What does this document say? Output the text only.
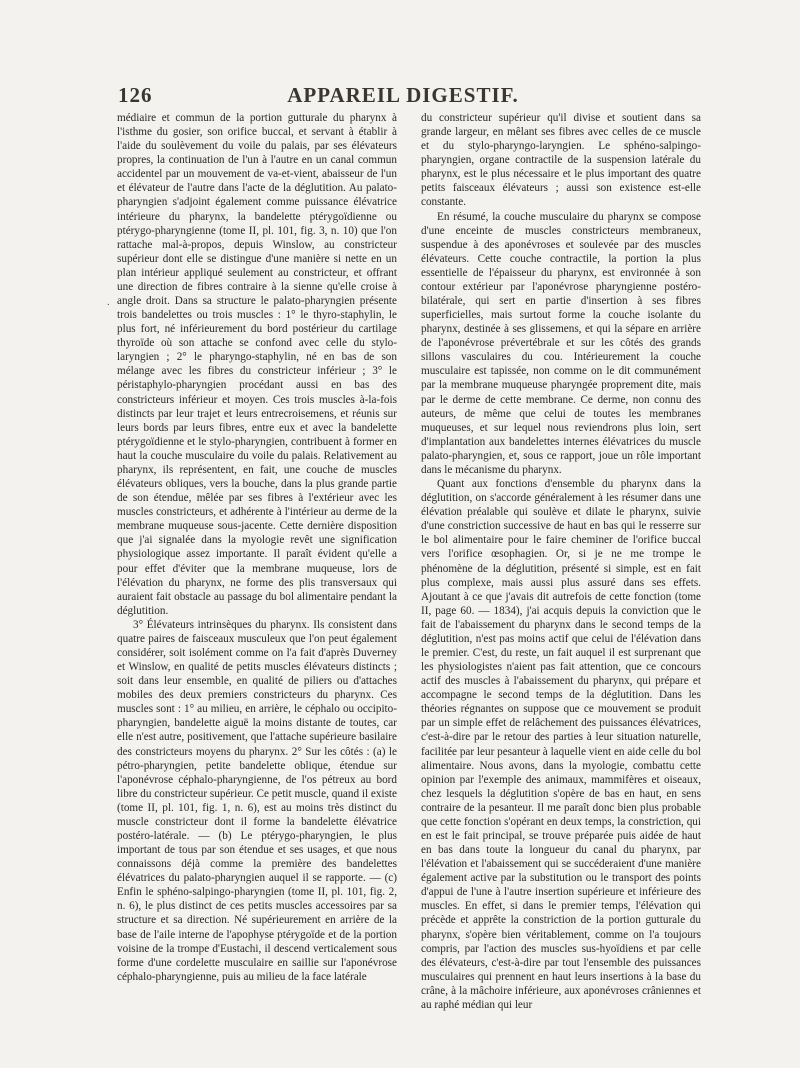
126	APPAREIL DIGESTIF.
.

médiaire et commun de la portion gutturale du pharynx à l'isthme du gosier, son orifice buccal, et servant à établir à l'aide du soulèvement du voile du palais, par ses élévateurs propres, la continuation de l'un à l'autre en un canal commun accidentel par un mouvement de va-et-vient, abaisseur de l'un et élévateur de l'autre dans l'acte de la déglutition. Au palato-pharyngien s'adjoint également comme puissance élévatrice intérieure du pharynx, la bandelette ptérygoïdienne ou ptérygo-pharyngienne (tome II, pl. 101, fig. 3, n. 10) que l'on rattache mal-à-propos, depuis Winslow, au constricteur supérieur dont elle se distingue d'une manière si nette en un plan intérieur appliqué seulement au constricteur, et offrant une direction de fibres contraire à la sienne qu'elle croise à angle droit. Dans sa structure le palato-pharyngien présente trois bandelettes ou trois muscles : 1° le thyro-staphylin, le plus fort, né inférieurement du bord postérieur du cartilage thyroïde où son attache se confond avec celle du stylo-laryngien ; 2° le pharyngo-staphylin, né en bas de son mélange avec les fibres du constricteur inférieur ; 3° le péristaphylo-pharyngien procédant aussi en bas des constricteurs inférieur et moyen. Ces trois muscles à-la-fois distincts par leur trajet et leurs entrecroisemens, et réunis sur leurs bords par leurs fibres, entre eux et avec la bandelette ptérygoïdienne et le stylo-pharyngien, contribuent à former en haut la couche musculaire du voile du palais. Relativement au pharynx, ils représentent, en fait, une couche de muscles élévateurs obliques, vers la bouche, dans la plus grande partie de son étendue, mêlée par ses fibres à l'extérieur avec les muscles constricteurs, et adhérente à l'intérieur au derme de la membrane muqueuse sous-jacente. Cette dernière disposition que j'ai signalée dans la myologie revêt une signification physiologique assez importante. Il paraît évident qu'elle a pour effet d'éviter que la membrane muqueuse, lors de l'élévation du pharynx, ne forme des plis transversaux qui auraient fait obstacle au passage du bol alimentaire pendant la déglutition.

3° Élévateurs intrinsèques du pharynx. Ils consistent dans quatre paires de faisceaux musculeux que l'on peut également considérer, soit isolément comme on l'a fait d'après Duverney et Winslow, en qualité de petits muscles élévateurs distincts ; soit dans leur ensemble, en qualité de piliers ou d'attaches mobiles des deux premiers constricteurs du pharynx. Ces muscles sont : 1° au milieu, en arrière, le céphalo ou occipito-pharyngien, bandelette aiguë la moins distante de toutes, car elle n'est autre, positivement, que l'attache supérieure basilaire des constricteurs moyens du pharynx. 2° Sur les côtés : (a) le pétro-pharyngien, petite bandelette oblique, étendue sur l'aponévrose céphalo-pharyngienne, de l'os pétreux au bord libre du constricteur supérieur. Ce petit muscle, quand il existe (tome II, pl. 101, fig. 1, n. 6), est au moins très distinct du muscle constricteur dont il forme la bandelette élévatrice postéro-latérale. — (b) Le ptérygo-pharyngien, le plus important de tous par son étendue et ses usages, et que nous connaissons déjà comme la première des bandelettes élévatrices du palato-pharyngien auquel il se rapporte. — (c) Enfin le sphéno-salpingo-pharyngien (tome II, pl. 101, fig. 2, n. 6), le plus distinct de ces petits muscles accessoires par sa structure et sa direction. Né supérieurement en arrière de la base de l'aile interne de l'apophyse ptérygoïde et de la portion voisine de la trompe d'Eustachi, il descend verticalement sous forme d'une cordelette musculaire en saillie sur l'aponévrose céphalo-pharyngienne, puis au milieu de la face latérale

du constricteur supérieur qu'il divise et soutient dans sa grande largeur, en mêlant ses fibres avec celles de ce muscle et du stylo-pharyngo-laryngien. Le sphéno-salpingo-pharyngien, organe contractile de la suspension latérale du pharynx, est le plus nécessaire et le plus important des quatre petits faisceaux élévateurs ; aussi son existence est-elle constante.

En résumé, la couche musculaire du pharynx se compose d'une enceinte de muscles constricteurs membraneux, suspendue à des aponévroses et soulevée par des muscles élévateurs. Cette couche contractile, la portion la plus essentielle de l'épaisseur du pharynx, est environnée à son contour extérieur par l'aponévrose pharyngienne postéro-bilatérale, qui sert en partie d'insertion à ses fibres superficielles, mais surtout forme la couche isolante du pharynx, destinée à ses glissemens, et qui la sépare en arrière de l'aponévrose prévertébrale et sur les côtés des grands sillons vasculaires du cou. Intérieurement la couche musculaire est tapissée, non comme on le dit communément par la membrane muqueuse pharyngée proprement dite, mais par le derme de cette membrane. Ce derme, non connu des auteurs, de même que celui de toutes les membranes muqueuses, et sur lequel nous reviendrons plus loin, sert d'implantation aux bandelettes internes élévatrices du muscle palato-pharyngien, et, sous ce rapport, joue un rôle important dans le mécanisme du pharynx.

Quant aux fonctions d'ensemble du pharynx dans la déglutition, on s'accorde généralement à les résumer dans une élévation préalable qui soulève et dilate le pharynx, suivie d'une constriction successive de haut en bas qui le resserre sur le bol alimentaire pour le faire cheminer de l'orifice buccal vers l'orifice œsophagien. Or, si je ne me trompe le phénomène de la déglutition, présenté si simple, est en fait plus complexe, mais aussi plus assuré dans ses effets. Ajoutant à ce que j'avais dit autrefois de cette fonction (tome II, page 60. — 1834), j'ai acquis depuis la conviction que le fait de l'abaissement du pharynx dans le second temps de la déglutition, n'est pas moins actif que celui de l'élévation dans le premier. C'est, du reste, un fait auquel il est surprenant que les physiologistes n'aient pas fait attention, que ce concours actif des muscles à l'abaissement du pharynx, qui prépare et accompagne le second temps de la déglutition. Dans les théories régnantes on suppose que ce mouvement se produit par un simple effet de relâchement des puissances élévatrices, c'est-à-dire par le retour des parties à leur situation naturelle, facilitée par leur pesanteur à laquelle vient en aide celle du bol alimentaire. Nous avons, dans la myologie, combattu cette opinion par l'exemple des animaux, mammifères et oiseaux, chez lesquels la déglutition s'opère de bas en haut, en sens contraire de la pesanteur. Il me paraît donc bien plus probable que cette fonction s'opérant en deux temps, la constriction, qui en est le fait principal, se trouve préparée puis aidée de haut en bas dans toute la longueur du canal du pharynx, par l'élévation et l'abaissement qui se succéderaient d'une manière également active par la substitution ou le transport des points d'appui de l'une à l'autre insertion supérieure et inférieure des muscles. En effet, si dans le premier temps, l'élévation qui précède et apprête la constriction de la portion gutturale du pharynx, s'opère bien véritablement, comme on l'a toujours compris, par l'action des muscles sus-hyoïdiens et par celle des élévateurs, c'est-à-dire par tout l'ensemble des puissances musculaires qui prennent en haut leurs insertions à la base du crâne, à la mâchoire inférieure, aux aponévroses crâniennes et au raphé médian qui leur
